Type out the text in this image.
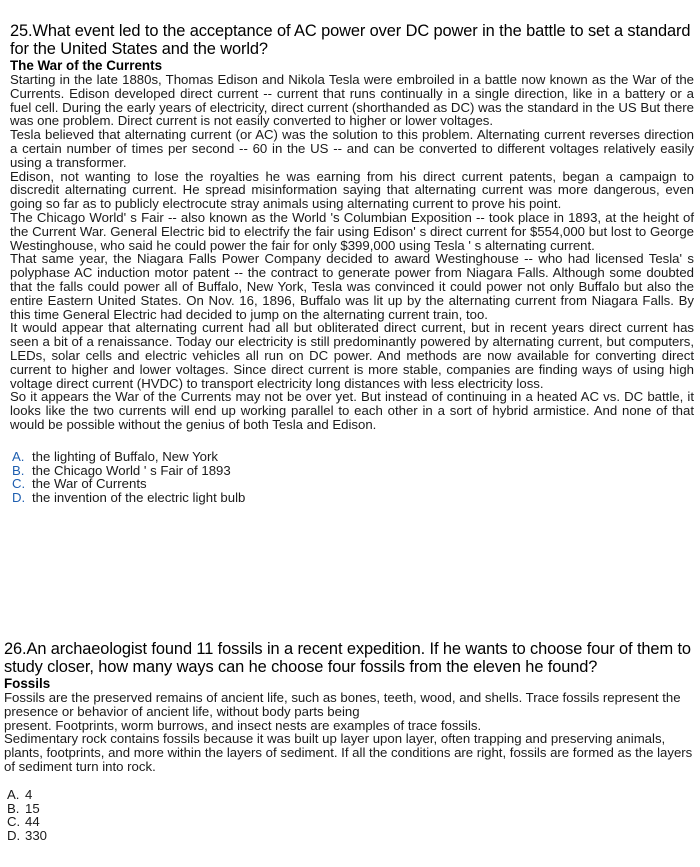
25.What event led to the acceptance of AC power over DC power in the battle to set a standard for the United States and the world?
The War of the Currents

Starting in the late 1880s, Thomas Edison and Nikola Tesla were embroiled in a battle now known as the War of the Currents. Edison developed direct current -- current that runs continually in a single direction, like in a battery or a fuel cell. During the early years of electricity, direct current (shorthanded as DC) was the standard in the US But there was one problem. Direct current is not easily converted to higher or lower voltages.

Tesla believed that alternating current (or AC) was the solution to this problem. Alternating current reverses direction a certain number of times per second -- 60 in the US -- and can be converted to different voltages relatively easily using a transformer.

Edison, not wanting to lose the royalties he was earning from his direct current patents, began a campaign to discredit alternating current. He spread misinformation saying that alternating current was more dangerous, even going so far as to publicly electrocute stray animals using alternating current to prove his point.

The Chicago World' s Fair -- also known as the World 's Columbian Exposition -- took place in 1893, at the height of the Current War. General Electric bid to electrify the fair using Edison' s direct current for $554,000 but lost to George Westinghouse, who said he could power the fair for only $399,000 using Tesla ' s alternating current.

That same year, the Niagara Falls Power Company decided to award Westinghouse -- who had licensed Tesla' s polyphase AC induction motor patent -- the contract to generate power from Niagara Falls. Although some doubted that the falls could power all of Buffalo, New York, Tesla was convinced it could power not only Buffalo but also the entire Eastern United States. On Nov. 16, 1896, Buffalo was lit up by the alternating current from Niagara Falls. By this time General Electric had decided to jump on the alternating current train, too.

It would appear that alternating current had all but obliterated direct current, but in recent years direct current has seen a bit of a renaissance. Today our electricity is still predominantly powered by alternating current, but computers, LEDs, solar cells and electric vehicles all run on DC power. And methods are now available for converting direct current to higher and lower voltages. Since direct current is more stable, companies are finding ways of using high voltage direct current (HVDC) to transport electricity long distances with less electricity loss.

So it appears the War of the Currents may not be over yet. But instead of continuing in a heated AC vs. DC battle, it looks like the two currents will end up working parallel to each other in a sort of hybrid armistice. And none of that would be possible without the genius of both Tesla and Edison.

A. the lighting of Buffalo, New York
B. the Chicago World ' s Fair of 1893
C. the War of Currents
D. the invention of the electric light bulb
26.An archaeologist found 11 fossils in a recent expedition. If he wants to choose four of them to study closer, how many ways can he choose four fossils from the eleven he found?
Fossils

Fossils are the preserved remains of ancient life, such as bones, teeth, wood, and shells. Trace fossils represent the presence or behavior of ancient life, without body parts being

present. Footprints, worm burrows, and insect nests are examples of trace fossils.

Sedimentary rock contains fossils because it was built up layer upon layer, often trapping and preserving animals, plants, footprints, and more within the layers of sediment. If all the conditions are right, fossils are formed as the layers of sediment turn into rock.

A. 4
B. 15
C. 44
D. 330
